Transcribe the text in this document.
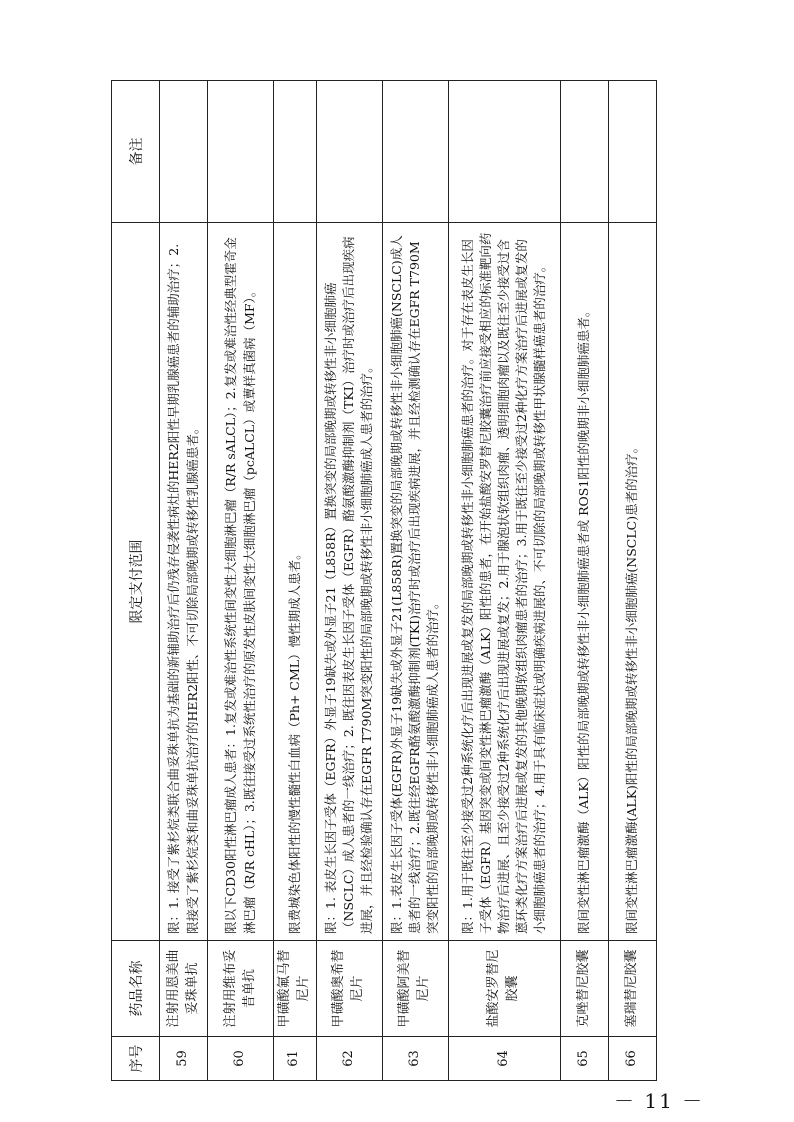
序号	药品名称	限定支付范围	备注
59	注射用恩美曲妥珠单抗	限：1. 接受了紫杉烷类联合曲妥珠单抗为基础的新辅助治疗后仍残存侵袭性病灶的HER2阳性早期乳腺癌患者的辅助治疗；2. 限接受了紫杉烷类和曲妥珠单抗治疗的HER2阳性、不可切除局部晚期或转移性乳腺癌患者。	
60	注射用维布妥昔单抗	限以下CD30阳性淋巴瘤成人患者：1.复发或难治性系统性间变性大细胞淋巴瘤（R/R sALCL）；2.复发或难治性经典型霍奇金淋巴瘤（R/R cHL）；3.既往接受过系统性治疗的原发性皮肤间变性大细胞淋巴瘤（pcALCL）或蕈样真菌病（MF）。	
61	甲磺酸氟马替尼片	限费城染色体阳性的慢性髓性白血病（Ph+ CML）慢性期成人患者。	
62	甲磺酸奥希替尼片	限：1. 表皮生长因子受体（EGFR）外显子19缺失或外显子21（L858R）置换突变的局部晚期或转移性非小细胞肺癌（NSCLC）成人患者的一线治疗；2. 既往因表皮生长因子受体（EGFR）酪氨酸激酶抑制剂（TKI）治疗时或治疗后出现疾病进展，并且经检验确认存在EGFR T790M突变阳性的局部晚期或转移性非小细胞肺癌成人患者的治疗。	
63	甲磺酸阿美替尼片	限：1.表皮生长因子受体(EGFR)外显子19缺失或外显子21(L858R)置换突变的局部晚期或转移性非小细胞肺癌(NSCLC)成人患者的一线治疗；2.既往经EGFR酪氨酸激酶抑制剂(TKI)治疗时或治疗后出现疾病进展，并且经检测确认存在EGFR T790M突变阳性的局部晚期或转移性非小细胞肺癌成人患者的治疗。	
64	盐酸安罗替尼胶囊	限：1.用于既往至少接受过2种系统化疗后出现进展或复发的局部晚期或转移性非小细胞肺癌患者的治疗。对于存在表皮生长因子受体（EGFR）基因突变或间变性淋巴瘤激酶（ALK）阳性的患者，在开始盐酸安罗替尼胶囊治疗前应接受相应的标准靶向药物治疗后进展、且至少接受过2种系统化疗后出现进展或复发；2.用于腺泡状软组织肉瘤、透明细胞肉瘤以及既往至少接受过含蒽环类化疗方案治疗后进展或复发的其他晚期软组织肉瘤患者的治疗；3.用于既往至少接受过2种化疗方案治疗后进展或复发的小细胞肺癌患者的治疗；4.用于具有临床症状或明确疾病进展的、不可切除的局部晚期或转移性甲状腺髓样癌患者的治疗。	
65	克唑替尼胶囊	限间变性淋巴瘤激酶（ALK）阳性的局部晚期或转移性非小细胞肺癌患者或 ROS1阳性的晚期非小细胞肺癌患者。	
66	塞瑞替尼胶囊	限间变性淋巴瘤激酶(ALK)阳性的局部晚期或转移性非小细胞肺癌(NSCLC)患者的治疗。	
－ 11 －
